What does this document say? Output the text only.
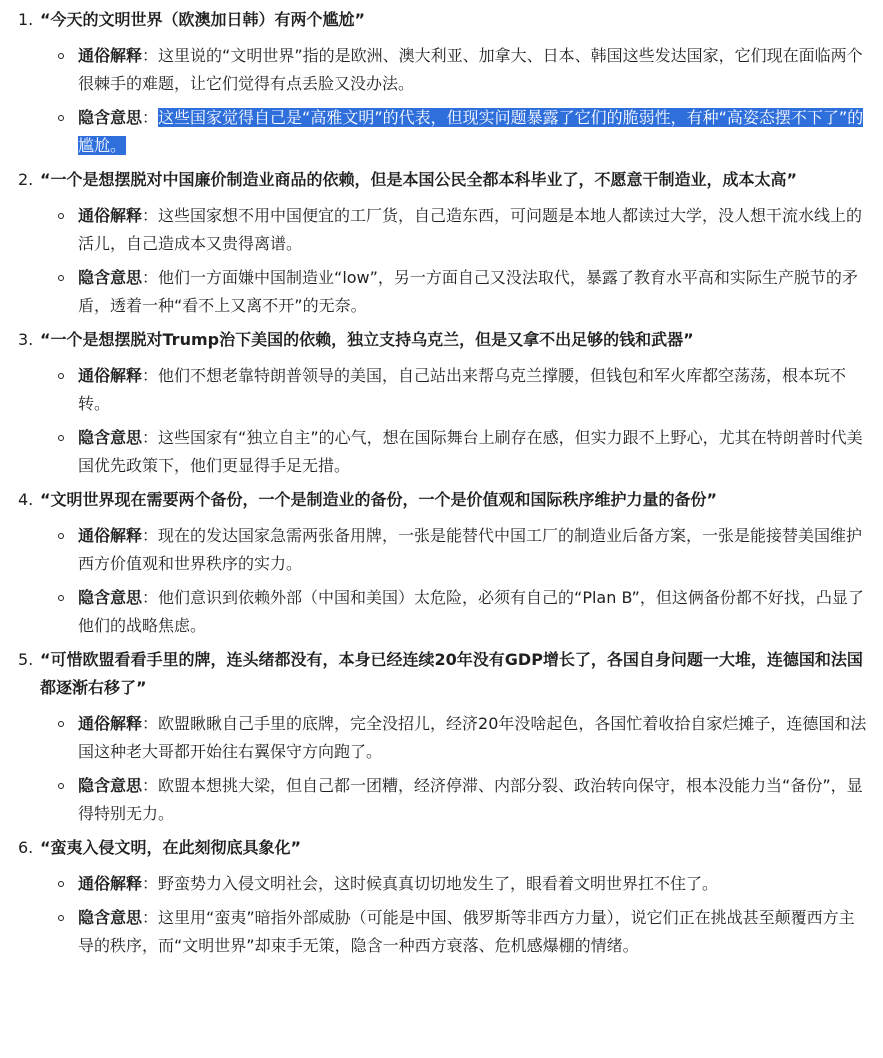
1. “今天的文明世界（欧澳加日韩）有两个尴尬”

通俗解释：这里说的“文明世界”指的是欧洲、澳大利亚、加拿大、日本、韩国这些发达国家，它们现在面临两个很棘手的难题，让它们觉得有点丢脸又没办法。
隐含意思：这些国家觉得自己是“高雅文明”的代表，但现实问题暴露了它们的脆弱性，有种“高姿态摆不下了”的尴尬。
2. “一个是想摆脱对中国廉价制造业商品的依赖，但是本国公民全都本科毕业了，不愿意干制造业，成本太高”

通俗解释：这些国家想不用中国便宜的工厂货，自己造东西，可问题是本地人都读过大学，没人想干流水线上的活儿，自己造成本又贵得离谱。
隐含意思：他们一方面嫌中国制造业“low”，另一方面自己又没法取代，暴露了教育水平高和实际生产脱节的矛盾，透着一种“看不上又离不开”的无奈。
3. “一个是想摆脱对Trump治下美国的依赖，独立支持乌克兰，但是又拿不出足够的钱和武器”

通俗解释：他们不想老靠特朗普领导的美国，自己站出来帮乌克兰撑腰，但钱包和军火库都空荡荡，根本玩不转。
隐含意思：这些国家有“独立自主”的心气，想在国际舞台上刷存在感，但实力跟不上野心，尤其在特朗普时代美国优先政策下，他们更显得手足无措。
4. “文明世界现在需要两个备份，一个是制造业的备份，一个是价值观和国际秩序维护力量的备份”

通俗解释：现在的发达国家急需两张备用牌，一张是能替代中国工厂的制造业后备方案，一张是能接替美国维护西方价值观和世界秩序的实力。
隐含意思：他们意识到依赖外部（中国和美国）太危险，必须有自己的“Plan B”，但这俩备份都不好找，凸显了他们的战略焦虑。
5. “可惜欧盟看看手里的牌，连头绪都没有，本身已经连续20年没有GDP增长了，各国自身问题一大堆，连德国和法国都逐渐右移了”

通俗解释：欧盟瞅瞅自己手里的底牌，完全没招儿，经济20年没啥起色，各国忙着收拾自家烂摊子，连德国和法国这种老大哥都开始往右翼保守方向跑了。
隐含意思：欧盟本想挑大梁，但自己都一团糟，经济停滞、内部分裂、政治转向保守，根本没能力当“备份”，显得特别无力。
6. “蛮夷入侵文明，在此刻彻底具象化”

通俗解释：野蛮势力入侵文明社会，这时候真真切切地发生了，眼看着文明世界扛不住了。
隐含意思：这里用“蛮夷”暗指外部威胁（可能是中国、俄罗斯等非西方力量），说它们正在挑战甚至颠覆西方主导的秩序，而“文明世界”却束手无策，隐含一种西方衰落、危机感爆棚的情绪。
